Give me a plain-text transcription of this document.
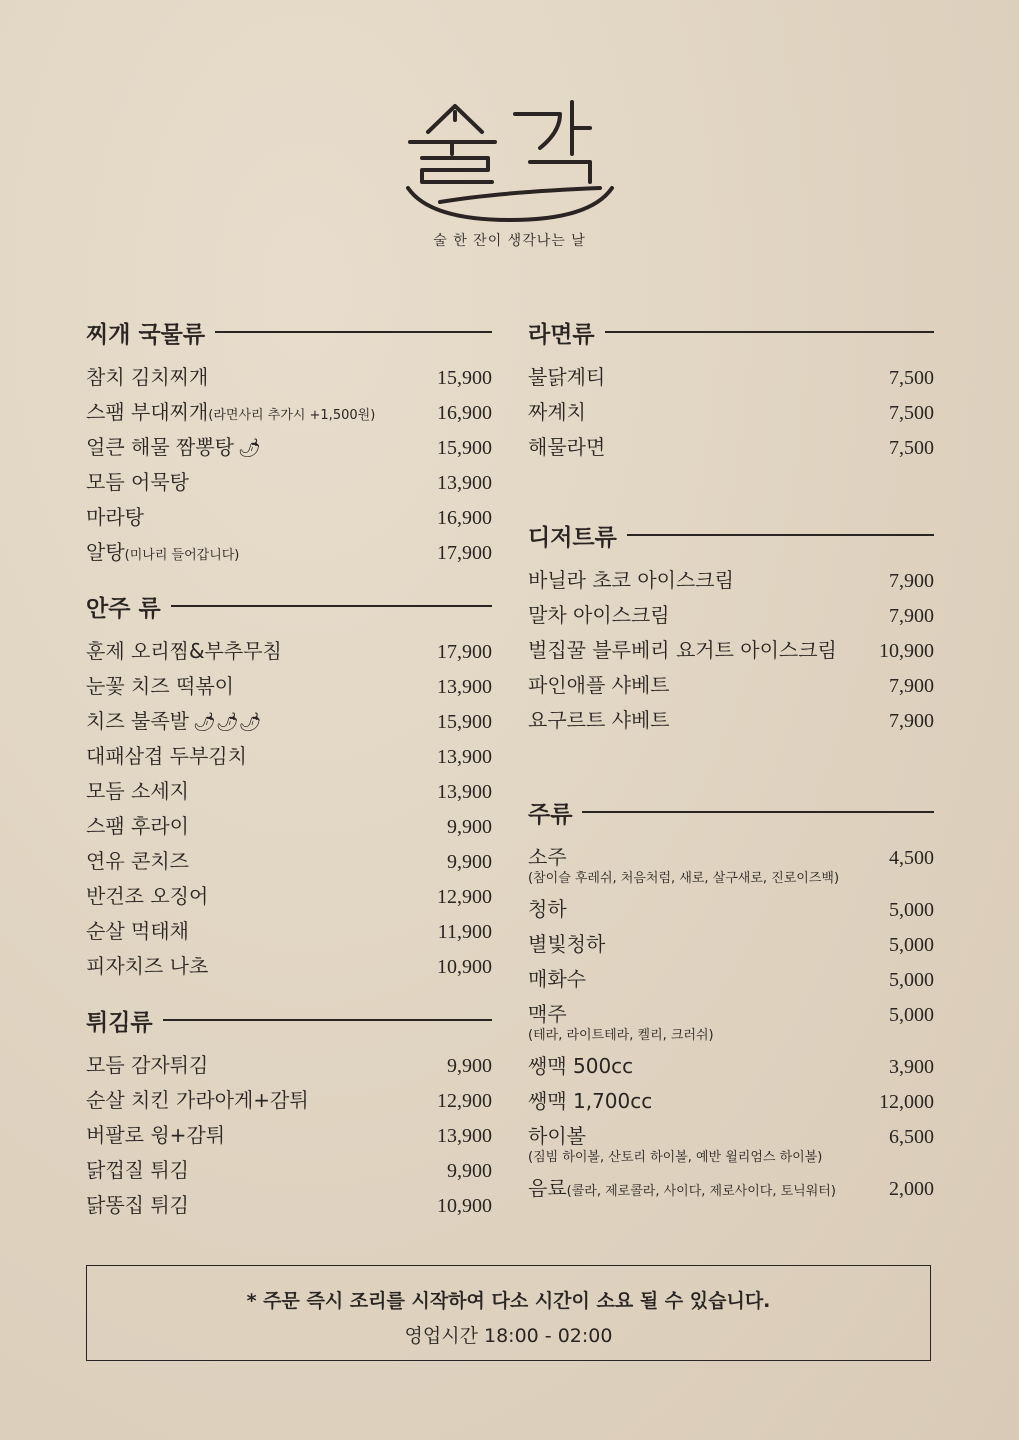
술 한 잔이 생각나는 날
찌개 국물류
참치 김치찌개	15,900
스팸 부대찌개(라면사리 추가시 +1,500원)	16,900
얼큰 해물 짬뽕탕 🌶	15,900
모듬 어묵탕	13,900
마라탕	16,900
알탕(미나리 들어갑니다)	17,900
안주 류
훈제 오리찜&부추무침	17,900
눈꽃 치즈 떡볶이	13,900
치즈 불족발 🌶🌶🌶	15,900
대패삼겹 두부김치	13,900
모듬 소세지	13,900
스팸 후라이	9,900
연유 콘치즈	9,900
반건조 오징어	12,900
순살 먹태채	11,900
피자치즈 나초	10,900
튀김류
모듬 감자튀김	9,900
순살 치킨 가라아게+감튀	12,900
버팔로 윙+감튀	13,900
닭껍질 튀김	9,900
닭똥집 튀김	10,900
라면류
불닭계티	7,500
짜계치	7,500
해물라면	7,500
디저트류
바닐라 초코 아이스크림	7,900
말차 아이스크림	7,900
벌집꿀 블루베리 요거트 아이스크림 10,900
파인애플 샤베트	7,900
요구르트 샤베트	7,900
주류
소주	4,500
(참이슬 후레쉬, 처음처럼, 새로, 살구새로, 진로이즈백)
청하	5,000
별빛청하	5,000
매화수	5,000
맥주	5,000
(테라, 라이트테라, 켈리, 크러쉬)
쌩맥 500cc	3,900
쌩맥 1,700cc	12,000
하이볼	6,500
(짐빔 하이볼, 산토리 하이볼, 예반 윌리엄스 하이볼)
음료(콜라, 제로콜라, 사이다, 제로사이다, 토닉워터)	2,000
* 주문 즉시 조리를 시작하여 다소 시간이 소요 될 수 있습니다.
영업시간 18:00 - 02:00
